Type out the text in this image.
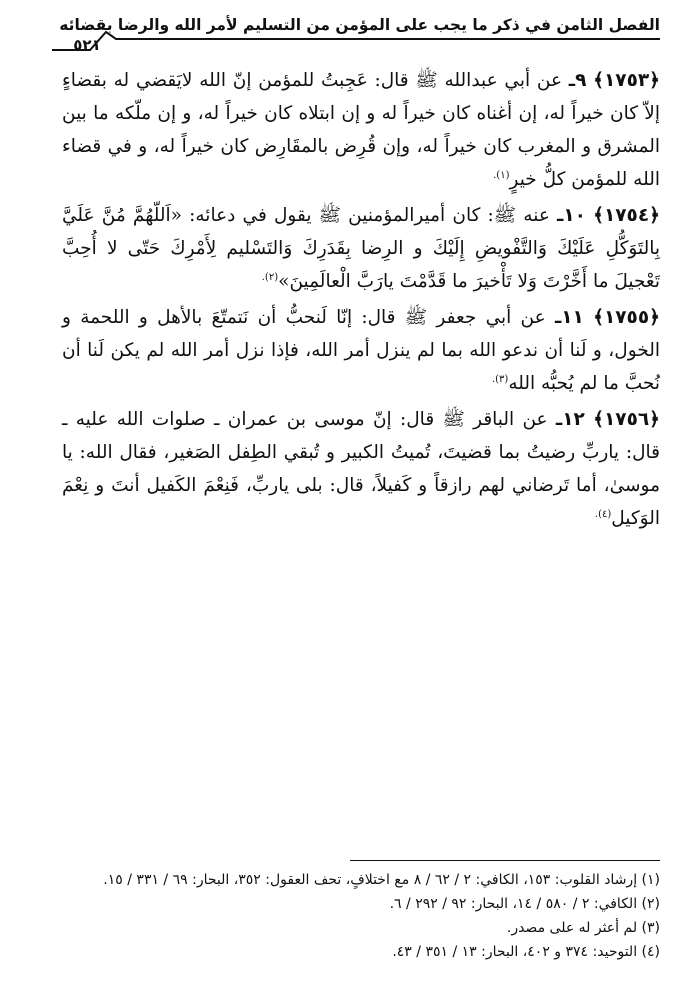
الفصل الثامن في ذكر ما يجب على المؤمن من التسليم لأمر الله والرضا بقضائه
٥٢١

﴿١٧٥٣﴾ ٩ـ عن أبي عبدالله ﷺ قال: عَجِبتُ للمؤمن إنّ الله لايَقضي له بقضاءٍ إلاّ كان خيراً له، إن أغناه كان خيراً له و إن ابتلاه كان خيراً له، و إن ملّكه ما بين المشرق و المغرب كان خيراً له، وإن قُرِض بالمقَارِض كان خيراً له، و في قضاء الله للمؤمن كلُّ خيرٍ$^{(١).}$

﴿١٧٥٤﴾ ١٠ـ عنه ﷺ: كان أميرالمؤمنين ﷺ يقول في دعائه: «اَللّهُمَّ مُنَّ عَلَيَّ بِالتَوَكُّلِ عَلَيْكَ وَالتَّفْويضِ إِلَيْكَ و الرِضا بِقَدَرِكَ وَالتَسْليم لِأَمْرِكَ حَتّى لا أُحِبَّ تَعْجيلَ ما أَخَّرْتَ وَلا تَأْخيرَ ما قَدَّمْتَ يارَبَّ الْعالَمِينَ»$^{(٢).}$

﴿١٧٥٥﴾ ١١ـ عن أبي جعفر ﷺ قال: إنّا لَنحبُّ أن نَتمتّعَ بالأهل و اللحمة و الخول، و لَنا أن ندعو الله بما لم ينزل أمر الله، فإذا نزل أمر الله لم يكن لَنا أن نُحبَّ ما لم يُحبُّه الله$^{(٣).}$

﴿١٧٥٦﴾ ١٢ـ عن الباقر ﷺ قال: إنّ موسى بن عمران ـ صلوات الله عليه ـ قال: ياربِّ رضيتُ بما قضيتَ، تُميتُ الكبير و تُبقي الطِفل الصَغير، فقال الله: يا موسىٰ، أما تَرضاني لهم رازقاً و كَفيلاً، قال: بلى ياربِّ، فَنِعْمَ الكَفيل أنتَ و نِعْمَ الوَكيل$^{(٤).}$

(١) إرشاد القلوب: ١٥٣، الكافي: ٢ / ٦٢ / ٨ مع اختلافٍ، تحف العقول: ٣٥٢، البحار: ٦٩ / ٣٣١ / ١٥.
(٢) الكافي: ٢ / ٥٨٠ / ١٤، البحار: ٩٢ / ٢٩٢ / ٦.
(٣) لم أعثر له على مصدر.
(٤) التوحيد: ٣٧٤ و ٤٠٢، البحار: ١٣ / ٣٥١ / ٤٣.
